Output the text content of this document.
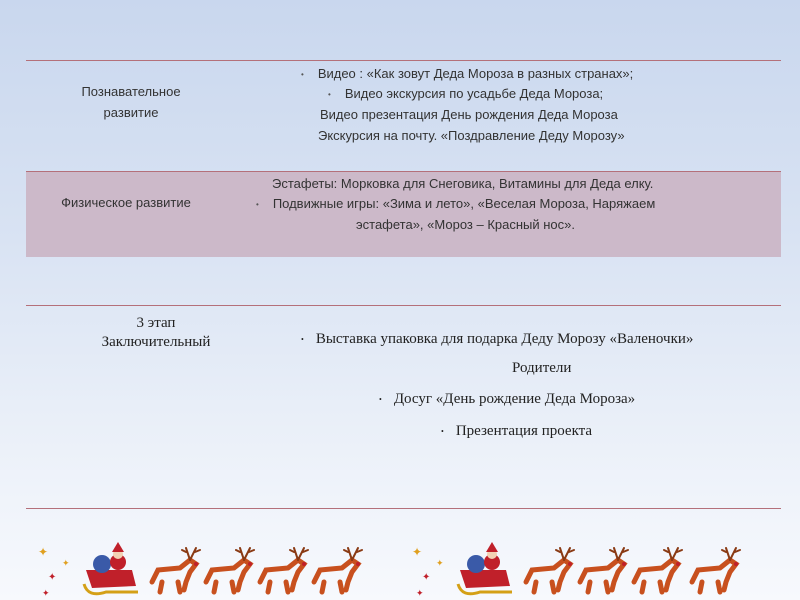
Познавательное развитие
• Видео : «Как зовут Деда Мороза в разных странах»;
• Видео экскурсия по усадьбе Деда Мороза;
Видео презентация День рождения Деда Мороза
Экскурсия на почту. «Поздравление Деду Морозу»
Физическое развитие
Эстафеты: Морковка для Снеговика, Витамины для Деда елку.
• Подвижные игры: «Зима и лето», «Веселая Мороза, Наряжаем
эстафета», «Мороз – Красный нос».
3 этап
Заключительный	• Выставка упаковка для подарка Деду Морозу «Валеночки»
Родители
• Досуг «День рождение Деда Мороза»
• Презентация проекта
✦
✦
✦
✦
